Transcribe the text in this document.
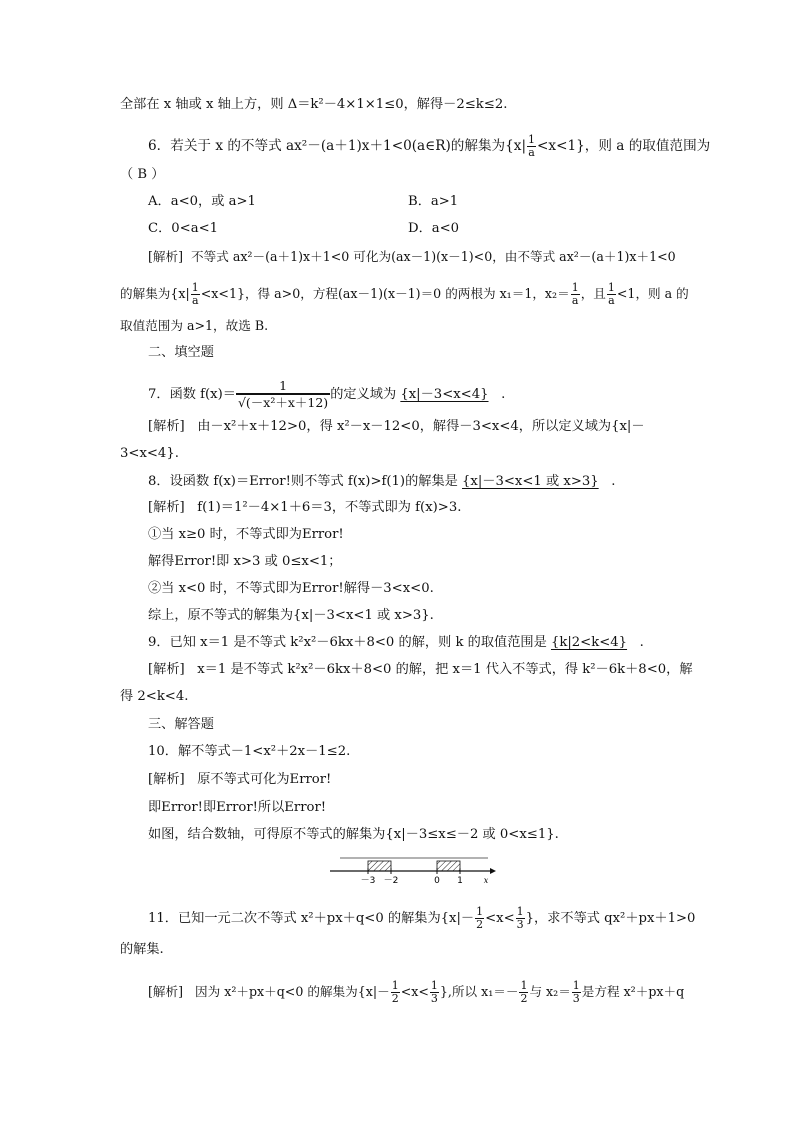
全部在 x 轴或 x 轴上方，则 Δ＝k²－4×1×1≤0，解得－2≤k≤2.
6．若关于 x 的不等式 ax²－(a＋1)x＋1<0(a∈R)的解集为$\{x| \frac{1}{a} <x<1\}$，则 a 的取值范围为
（ B ）
A．a<0，或 a>1	B．a>1
C．0<a<1	D．a<0
[解析] 不等式 ax²－(a＋1)x＋1<0 可化为(ax－1)(x－1)<0，由不等式 ax²－(a＋1)x＋1<0
的解集为$\{x| \frac{1}{a} <x<1\}$，得 a>0，方程(ax－1)(x－1)＝0 的两根为 x₁＝1，$x_2= \frac{1}{a}$ ，且 $\frac{1}{a} <1$，则 a 的
取值范围为 a>1，故选 B.
二、填空题
7．函数 $f(x)= \frac{1}{\text{√(－x²＋x＋12)}}$ 的定义域为 {x|－3<x<4}   .
[解析] 由－x²＋x＋12>0，得 x²－x－12<0，解得－3<x<4，所以定义域为{x|－
3<x<4}.
8．设函数 f(x)＝Error!则不等式 f(x)>f(1)的解集是 {x|－3<x<1 或 x>3}   .
[解析] f(1)＝1²－4×1＋6＝3，不等式即为 f(x)>3.
①当 x≥0 时，不等式即为Error!
解得Error!即 x>3 或 0≤x<1；
②当 x<0 时，不等式即为Error!解得－3<x<0.
综上，原不等式的解集为{x|－3<x<1 或 x>3}.
9．已知 x＝1 是不等式 k²x²－6kx＋8<0 的解，则 k 的取值范围是 {k|2<k<4}   .
[解析] x＝1 是不等式 k²x²－6kx＋8<0 的解，把 x＝1 代入不等式，得 k²－6k＋8<0，解
得 2<k<4.
三、解答题
10．解不等式－1<x²＋2x－1≤2.
[解析] 原不等式可化为Error!
即Error!即Error!所以Error!
如图，结合数轴，可得原不等式的解集为{x|－3≤x≤－2 或 0<x≤1}.
－3 －2	0 1	x
11．已知一元二次不等式 x²＋px＋q<0 的解集为{$x|- \frac{1}{2} <x< \frac{1}{3}$ }，求不等式 qx²＋px＋1>0
的解集.
[解析] 因为 x²＋px＋q<0 的解集为{$x|- \frac{1}{2} <x< \frac{1}{3}$ },所以 $x_1=- \frac{1}{2}$ 与 $x_2= \frac{1}{3}$ 是方程 x²＋px＋q
